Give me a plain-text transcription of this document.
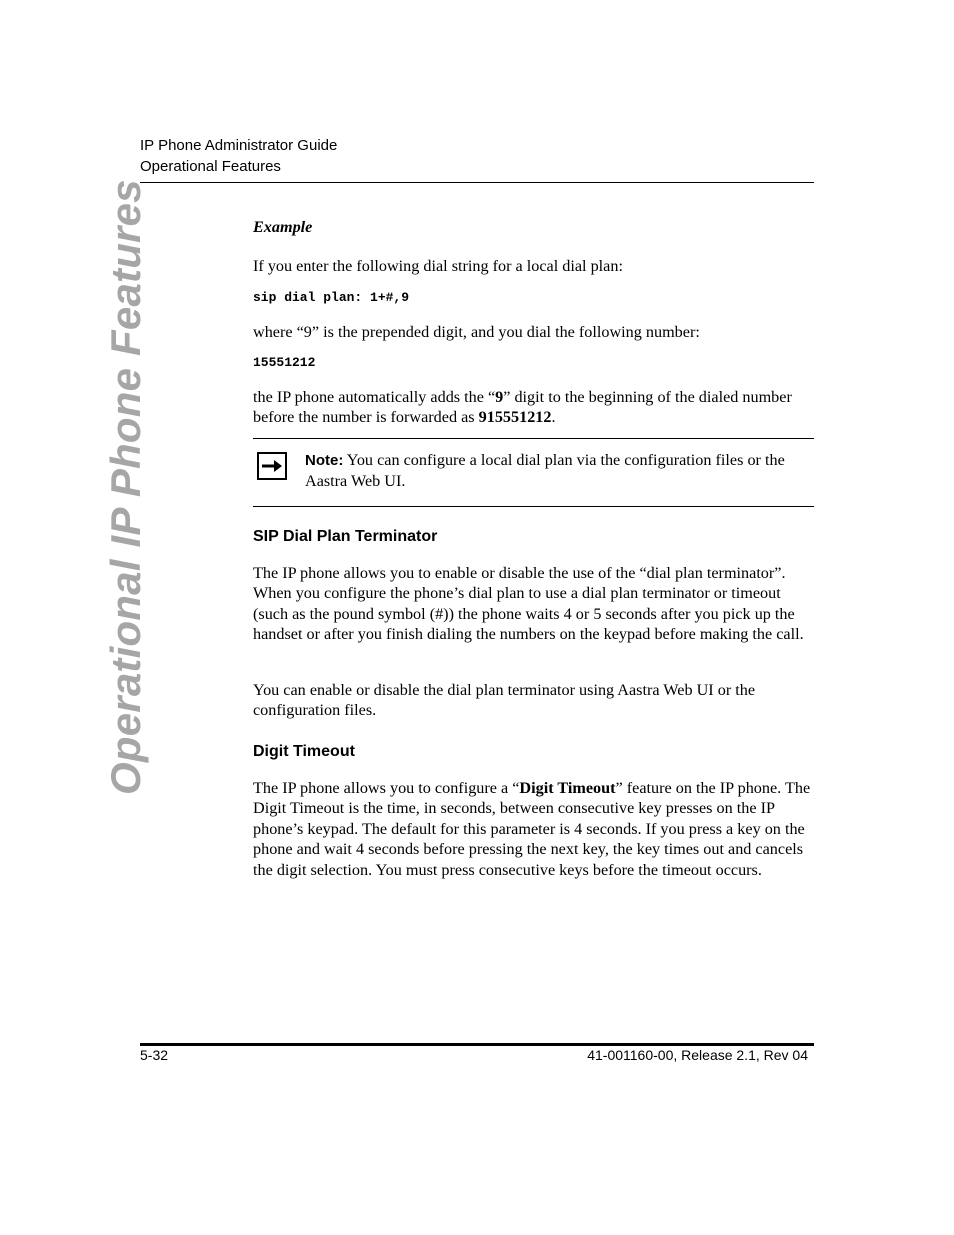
IP Phone Administrator Guide
Operational Features
Operational IP Phone Features	Example

If you enter the following dial string for a local dial plan:

sip dial plan: 1+#,9

where “9” is the prepended digit, and you dial the following number:

15551212

the IP phone automatically adds the “9” digit to the beginning of the dialed number before the number is forwarded as 915551212.

Note: You can configure a local dial plan via the configuration files or the Aastra Web UI.
SIP Dial Plan Terminator

The IP phone allows you to enable or disable the use of the “dial plan terminator”. When you configure the phone’s dial plan to use a dial plan terminator or timeout (such as the pound symbol (#)) the phone waits 4 or 5 seconds after you pick up the handset or after you finish dialing the numbers on the keypad before making the call.

You can enable or disable the dial plan terminator using Aastra Web UI or the configuration files.

Digit Timeout

The IP phone allows you to configure a “Digit Timeout” feature on the IP phone. The Digit Timeout is the time, in seconds, between consecutive key presses on the IP phone’s keypad. The default for this parameter is 4 seconds. If you press a key on the phone and wait 4 seconds before pressing the next key, the key times out and cancels the digit selection. You must press consecutive keys before the timeout occurs.

5-32	41-001160-00, Release 2.1, Rev 04
